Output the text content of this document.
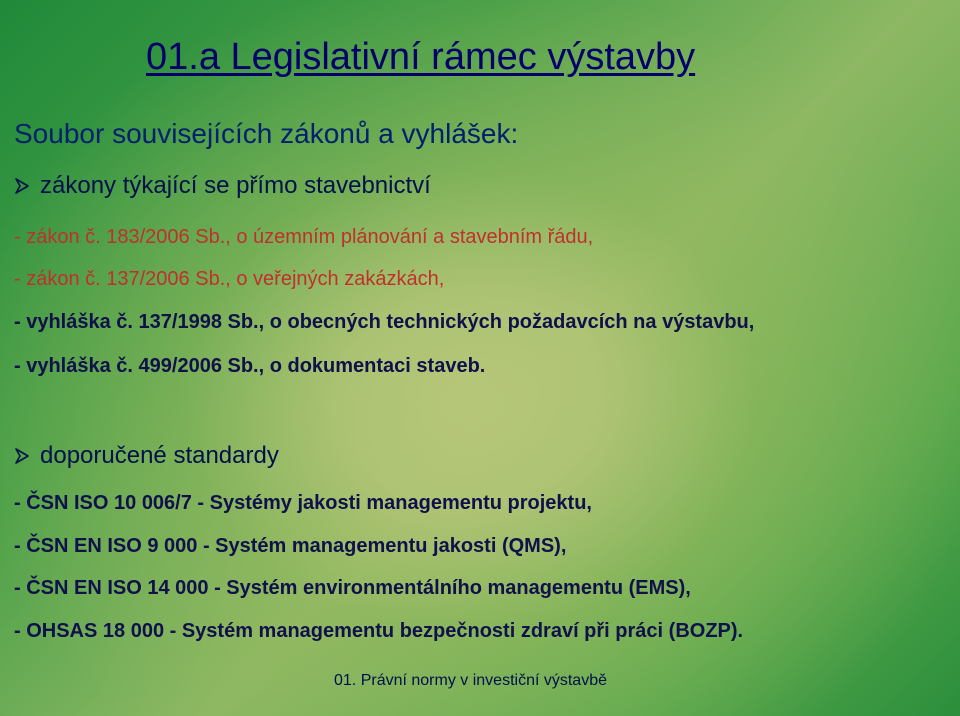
01.a Legislativní rámec výstavby
Soubor souvisejících zákonů a vyhlášek:
zákony týkající se přímo stavebnictví
- zákon č. 183/2006 Sb., o územním plánování a stavebním řádu,
- zákon č. 137/2006 Sb., o veřejných zakázkách,
- vyhláška č. 137/1998 Sb., o obecných technických požadavcích na výstavbu,
- vyhláška č. 499/2006 Sb., o dokumentaci staveb.
doporučené standardy
- ČSN ISO 10 006/7 - Systémy jakosti managementu projektu,
- ČSN EN ISO 9 000 - Systém managementu jakosti (QMS),
- ČSN EN ISO 14 000 - Systém environmentálního managementu (EMS),
- OHSAS 18 000 - Systém managementu bezpečnosti zdraví při práci (BOZP).
01. Právní normy v investiční výstavbě
